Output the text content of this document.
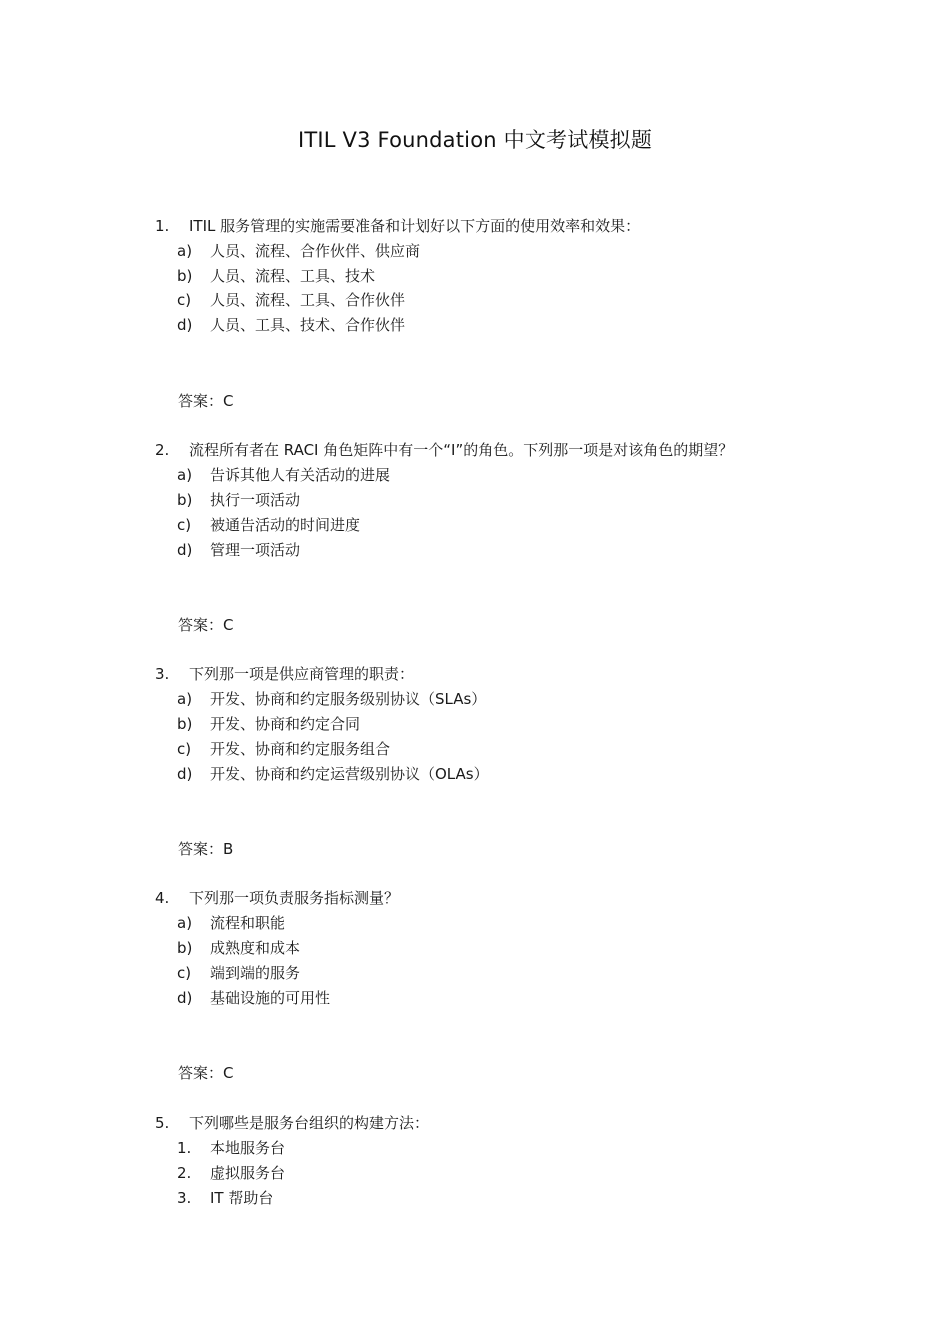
ITIL V3 Foundation 中文考试模拟题
1. ITIL 服务管理的实施需要准备和计划好以下方面的使用效率和效果：
a) 人员、流程、合作伙伴、供应商
b) 人员、流程、工具、技术
c) 人员、流程、工具、合作伙伴
d) 人员、工具、技术、合作伙伴
答案：C
2. 流程所有者在 RACI 角色矩阵中有一个“I”的角色。下列那一项是对该角色的期望？
a) 告诉其他人有关活动的进展
b) 执行一项活动
c) 被通告活动的时间进度
d) 管理一项活动
答案：C
3. 下列那一项是供应商管理的职责：
a) 开发、协商和约定服务级别协议（SLAs）
b) 开发、协商和约定合同
c) 开发、协商和约定服务组合
d) 开发、协商和约定运营级别协议（OLAs）
答案：B
4. 下列那一项负责服务指标测量？
a) 流程和职能
b) 成熟度和成本
c) 端到端的服务
d) 基础设施的可用性
答案：C
5. 下列哪些是服务台组织的构建方法：
1. 本地服务台
2. 虚拟服务台
3. IT 帮助台
